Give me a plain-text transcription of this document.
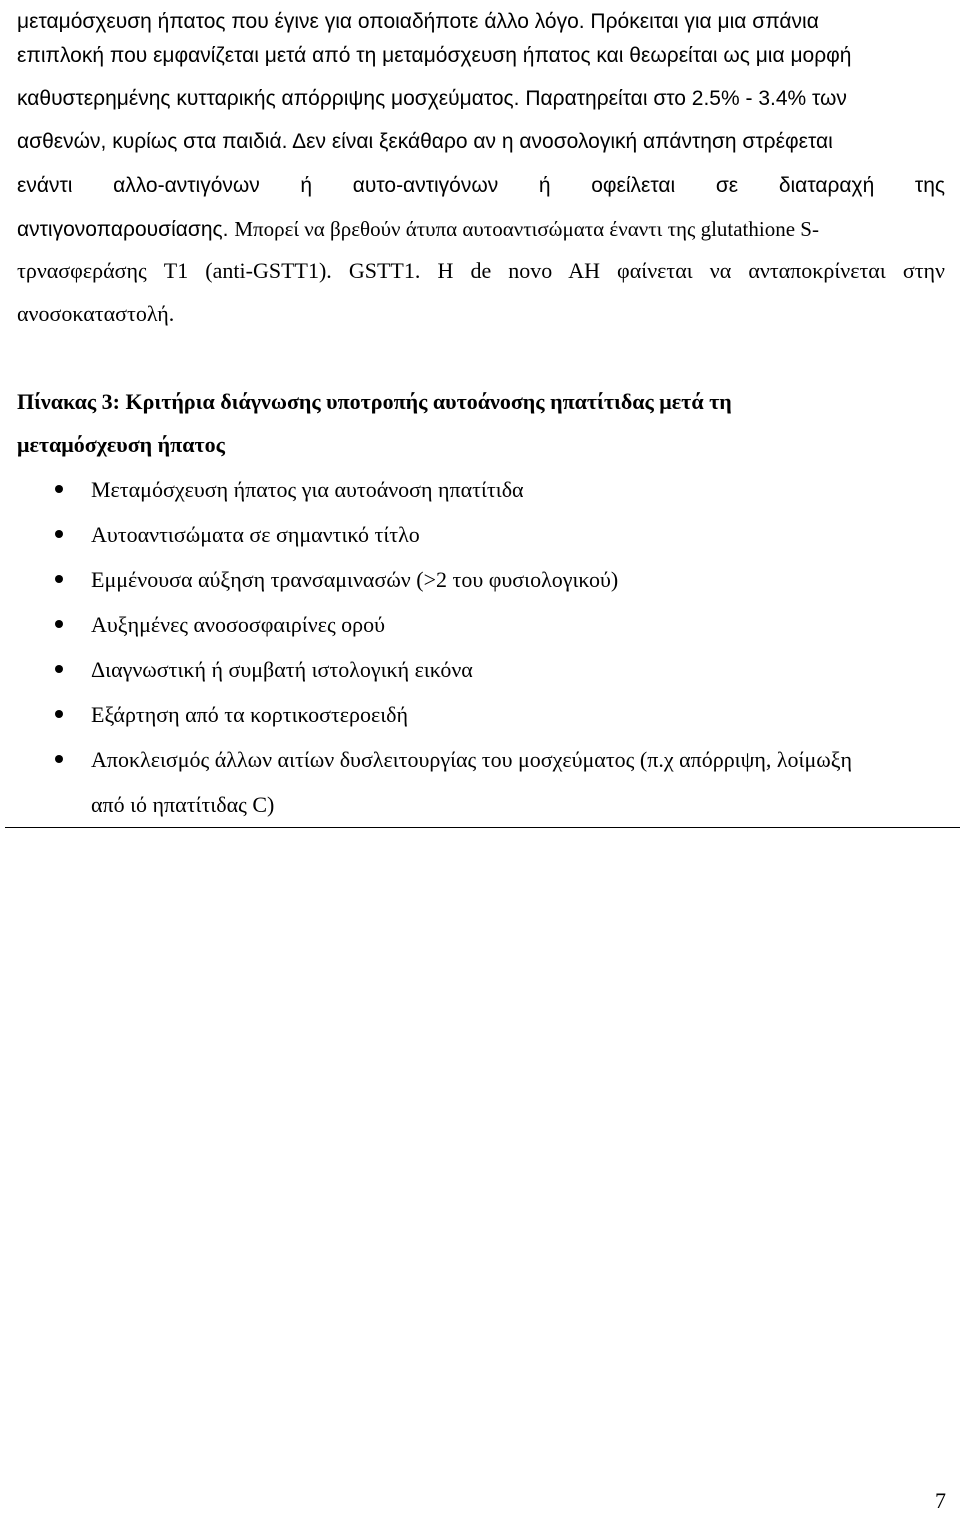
μεταμόσχευση ήπατος που έγινε για οποιαδήποτε άλλο λόγο. Πρόκειται για μια σπάνια
επιπλοκή που εμφανίζεται μετά από τη μεταμόσχευση ήπατος και θεωρείται ως μια μορφή
καθυστερημένης κυτταρικής απόρριψης μοσχεύματος. Παρατηρείται στο 2.5% - 3.4% των
ασθενών, κυρίως στα παιδιά. Δεν είναι ξεκάθαρο αν η ανοσολογική απάντηση στρέφεται
ενάντι αλλο-αντιγόνων ή αυτο-αντιγόνων ή οφείλεται σε διαταραχή της
αντιγονοπαρουσίασης. Μπορεί να βρεθούν άτυπα αυτοαντισώματα έναντι της glutathione S-
τρνασφεράσης T1 (anti-GSTT1). GSTT1. H de novo AH φαίνεται να ανταποκρίνεται στην
ανοσοκαταστολή.
Πίνακας 3: Κριτήρια διάγνωσης υποτροπής αυτοάνοσης ηπατίτιδας μετά τη
μεταμόσχευση ήπατος
Μεταμόσχευση ήπατος για αυτοάνοση ηπατίτιδα
Αυτοαντισώματα σε σημαντικό τίτλο
Εμμένουσα αύξηση τρανσαμινασών (>2 του φυσιολογικού)
Αυξημένες ανοσοσφαιρίνες ορού
Διαγνωστική ή συμβατή ιστολογική εικόνα
Εξάρτηση από τα κορτικοστεροειδή
Αποκλεισμός άλλων αιτίων δυσλειτουργίας του μοσχεύματος (π.χ απόρριψη, λοίμωξη από ιό ηπατίτιδας C)
7
